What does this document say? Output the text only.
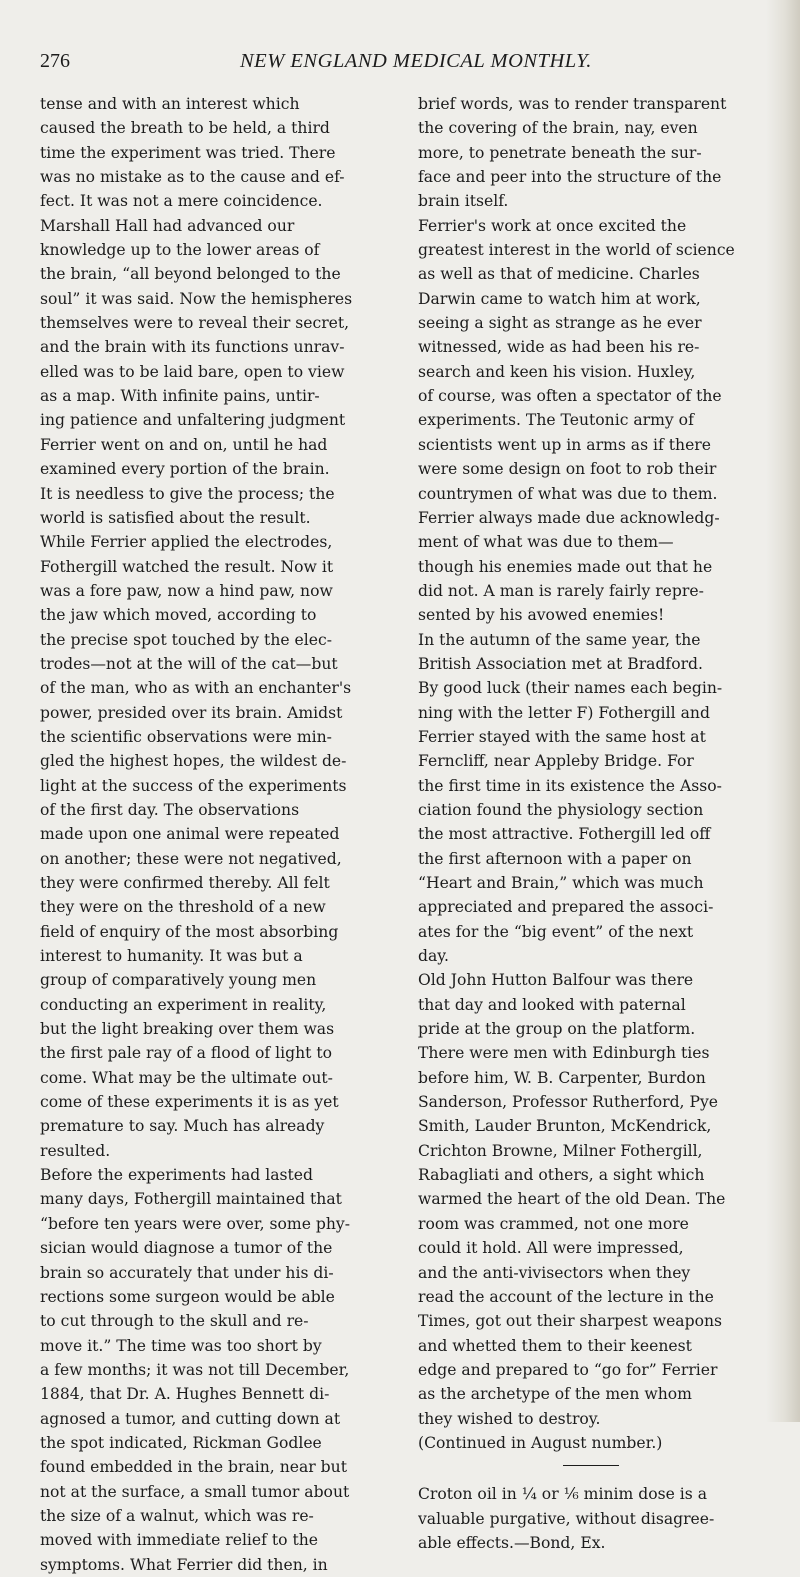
276	NEW ENGLAND MEDICAL MONTHLY.
tense and with an interest which
caused the breath to be held, a third
time the experiment was tried. There
was no mistake as to the cause and ef-
fect. It was not a mere coincidence.
Marshall Hall had advanced our
knowledge up to the lower areas of
the brain, “all beyond belonged to the
soul” it was said. Now the hemispheres
themselves were to reveal their secret,
and the brain with its functions unrav-
elled was to be laid bare, open to view
as a map. With infinite pains, untir-
ing patience and unfaltering judgment
Ferrier went on and on, until he had
examined every portion of the brain.
It is needless to give the process; the
world is satisfied about the result.
While Ferrier applied the electrodes,
Fothergill watched the result. Now it
was a fore paw, now a hind paw, now
the jaw which moved, according to
the precise spot touched by the elec-
trodes—not at the will of the cat—but
of the man, who as with an enchanter's
power, presided over its brain. Amidst
the scientific observations were min-
gled the highest hopes, the wildest de-
light at the success of the experiments
of the first day. The observations
made upon one animal were repeated
on another; these were not negatived,
they were confirmed thereby. All felt
they were on the threshold of a new
field of enquiry of the most absorbing
interest to humanity. It was but a
group of comparatively young men
conducting an experiment in reality,
but the light breaking over them was
the first pale ray of a flood of light to
come. What may be the ultimate out-
come of these experiments it is as yet
premature to say. Much has already
resulted.
Before the experiments had lasted
many days, Fothergill maintained that
“before ten years were over, some phy-
sician would diagnose a tumor of the
brain so accurately that under his di-
rections some surgeon would be able
to cut through to the skull and re-
move it.” The time was too short by
a few months; it was not till December,
1884, that Dr. A. Hughes Bennett di-
agnosed a tumor, and cutting down at
the spot indicated, Rickman Godlee
found embedded in the brain, near but
not at the surface, a small tumor about
the size of a walnut, which was re-
moved with immediate relief to the
symptoms. What Ferrier did then, in
brief words, was to render transparent
the covering of the brain, nay, even
more, to penetrate beneath the sur-
face and peer into the structure of the
brain itself.
Ferrier's work at once excited the
greatest interest in the world of science
as well as that of medicine. Charles
Darwin came to watch him at work,
seeing a sight as strange as he ever
witnessed, wide as had been his re-
search and keen his vision. Huxley,
of course, was often a spectator of the
experiments. The Teutonic army of
scientists went up in arms as if there
were some design on foot to rob their
countrymen of what was due to them.
Ferrier always made due acknowledg-
ment of what was due to them—
though his enemies made out that he
did not. A man is rarely fairly repre-
sented by his avowed enemies!
In the autumn of the same year, the
British Association met at Bradford.
By good luck (their names each begin-
ning with the letter F) Fothergill and
Ferrier stayed with the same host at
Ferncliff, near Appleby Bridge. For
the first time in its existence the Asso-
ciation found the physiology section
the most attractive. Fothergill led off
the first afternoon with a paper on
“Heart and Brain,” which was much
appreciated and prepared the associ-
ates for the “big event” of the next
day.
Old John Hutton Balfour was there
that day and looked with paternal
pride at the group on the platform.
There were men with Edinburgh ties
before him, W. B. Carpenter, Burdon
Sanderson, Professor Rutherford, Pye
Smith, Lauder Brunton, McKendrick,
Crichton Browne, Milner Fothergill,
Rabagliati and others, a sight which
warmed the heart of the old Dean. The
room was crammed, not one more
could it hold. All were impressed,
and the anti-vivisectors when they
read the account of the lecture in the
Times, got out their sharpest weapons
and whetted them to their keenest
edge and prepared to “go for” Ferrier
as the archetype of the men whom
they wished to destroy.
(Continued in August number.)
Croton oil in ¼ or ⅙ minim dose is a
valuable purgative, without disagree-
able effects.—Bond, Ex.
